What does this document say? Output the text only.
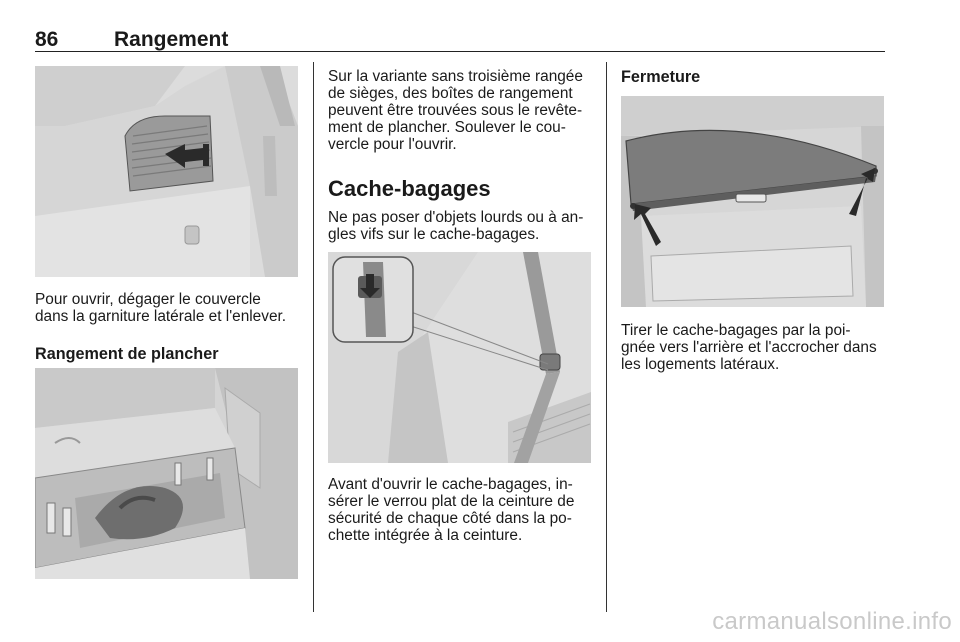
86	Rangement

Pour ouvrir, dégager le couvercle

dans la garniture latérale et l'enlever.

Rangement de plancher

Sur la variante sans troisième rangée

de sièges, des boîtes de rangement

peuvent être trouvées sous le revête-

ment de plancher. Soulever le cou-

vercle pour l'ouvrir.

Cache-bagages

Ne pas poser d'objets lourds ou à an-

gles vifs sur le cache-bagages.

Avant d'ouvrir le cache-bagages, in-

sérer le verrou plat de la ceinture de

sécurité de chaque côté dans la po-

chette intégrée à la ceinture.

Fermeture

Tirer le cache-bagages par la poi-

gnée vers l'arrière et l'accrocher dans

les logements latéraux.

carmanualsonline.info
